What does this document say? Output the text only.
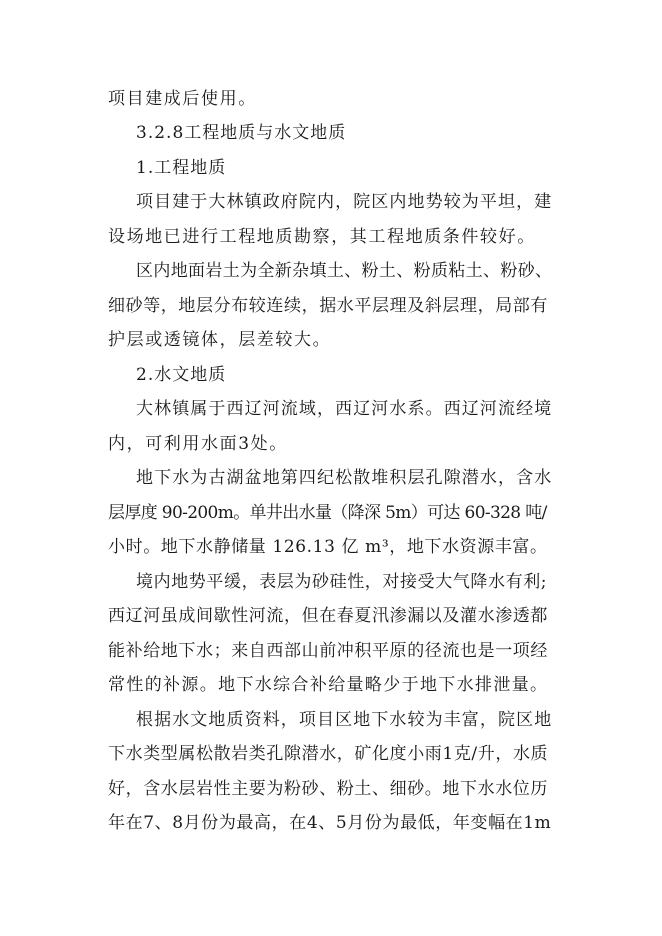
项目建成后使用。
3.2.8工程地质与水文地质
1.工程地质
项目建于大林镇政府院内，院区内地势较为平坦，建
设场地已进行工程地质勘察，其工程地质条件较好。
区内地面岩土为全新杂填土、粉土、粉质粘土、粉砂、
细砂等，地层分布较连续，据水平层理及斜层理，局部有
护层或透镜体，层差较大。
2.水文地质
大林镇属于西辽河流域，西辽河水系。西辽河流经境
内，可利用水面3处。
地下水为古湖盆地第四纪松散堆积层孔隙潜水，含水
层厚度 90-200m。单井出水量（降深 5m）可达 60-328 吨/
小时。地下水静储量 126.13 亿 m³，地下水资源丰富。
境内地势平缓，表层为砂硅性，对接受大气降水有利;
西辽河虽成间歇性河流，但在春夏汛渗漏以及灌水渗透都
能补给地下水；来自西部山前冲积平原的径流也是一项经
常性的补源。地下水综合补给量略少于地下水排泄量。
根据水文地质资料，项目区地下水较为丰富，院区地
下水类型属松散岩类孔隙潜水，矿化度小雨1克/升，水质
好，含水层岩性主要为粉砂、粉土、细砂。地下水水位历
年在7、8月份为最高，在4、5月份为最低，年变幅在1m
